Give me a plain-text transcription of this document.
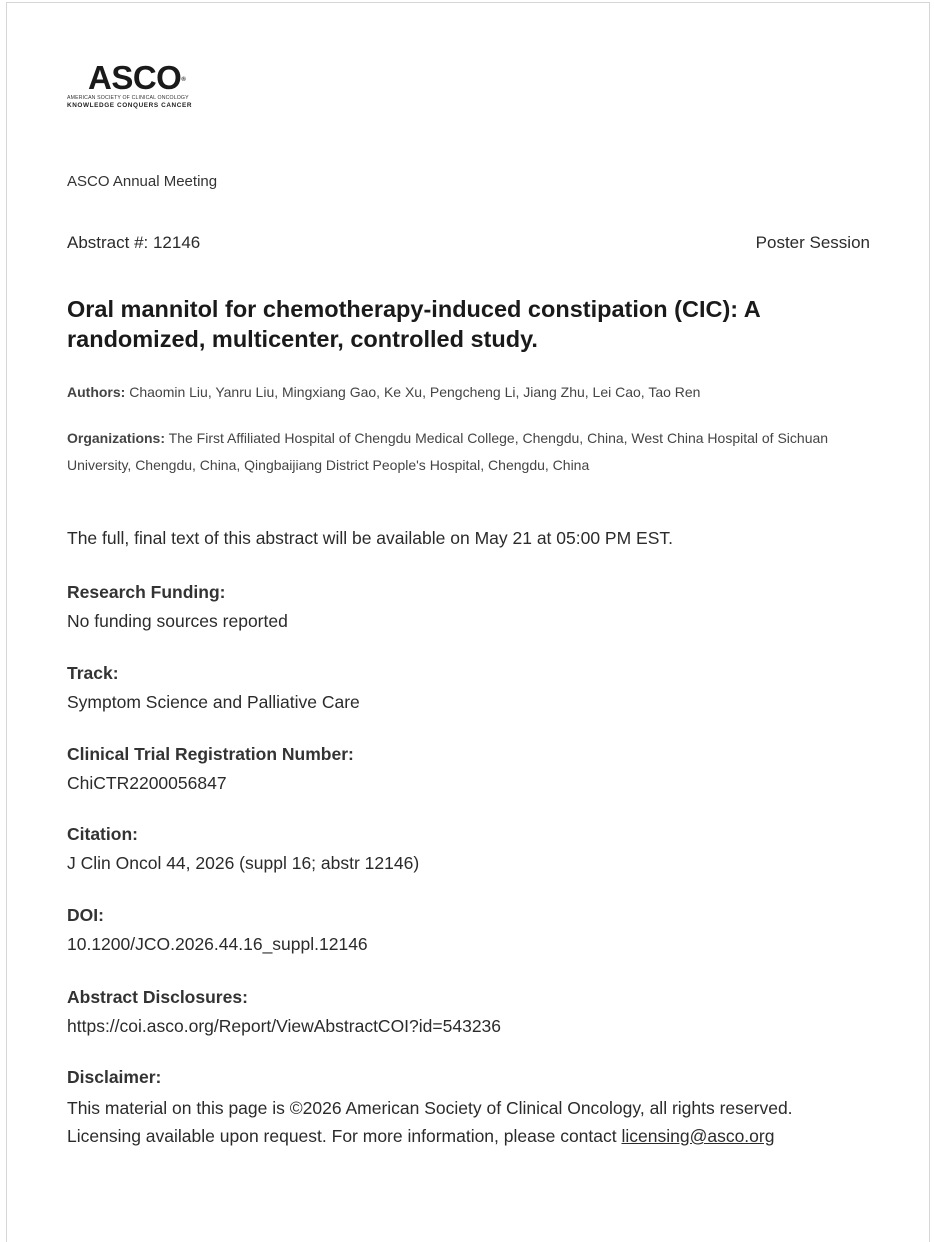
ASCO®
AMERICAN SOCIETY OF CLINICAL ONCOLOGY
KNOWLEDGE CONQUERS CANCER
ASCO Annual Meeting
Abstract #: 12146	Poster Session
Oral mannitol for chemotherapy-induced constipation (CIC): A randomized, multicenter, controlled study.
Authors: Chaomin Liu, Yanru Liu, Mingxiang Gao, Ke Xu, Pengcheng Li, Jiang Zhu, Lei Cao, Tao Ren
Organizations: The First Affiliated Hospital of Chengdu Medical College, Chengdu, China, West China Hospital of Sichuan University, Chengdu, China, Qingbaijiang District People's Hospital, Chengdu, China
The full, final text of this abstract will be available on May 21 at 05:00 PM EST.
Research Funding:
No funding sources reported
Track:
Symptom Science and Palliative Care
Clinical Trial Registration Number:
ChiCTR2200056847
Citation:
J Clin Oncol 44, 2026 (suppl 16; abstr 12146)
DOI:
10.1200/JCO.2026.44.16_suppl.12146
Abstract Disclosures:
https://coi.asco.org/Report/ViewAbstractCOI?id=543236
Disclaimer:
This material on this page is ©2026 American Society of Clinical Oncology, all rights reserved.
Licensing available upon request. For more information, please contact licensing@asco.org
